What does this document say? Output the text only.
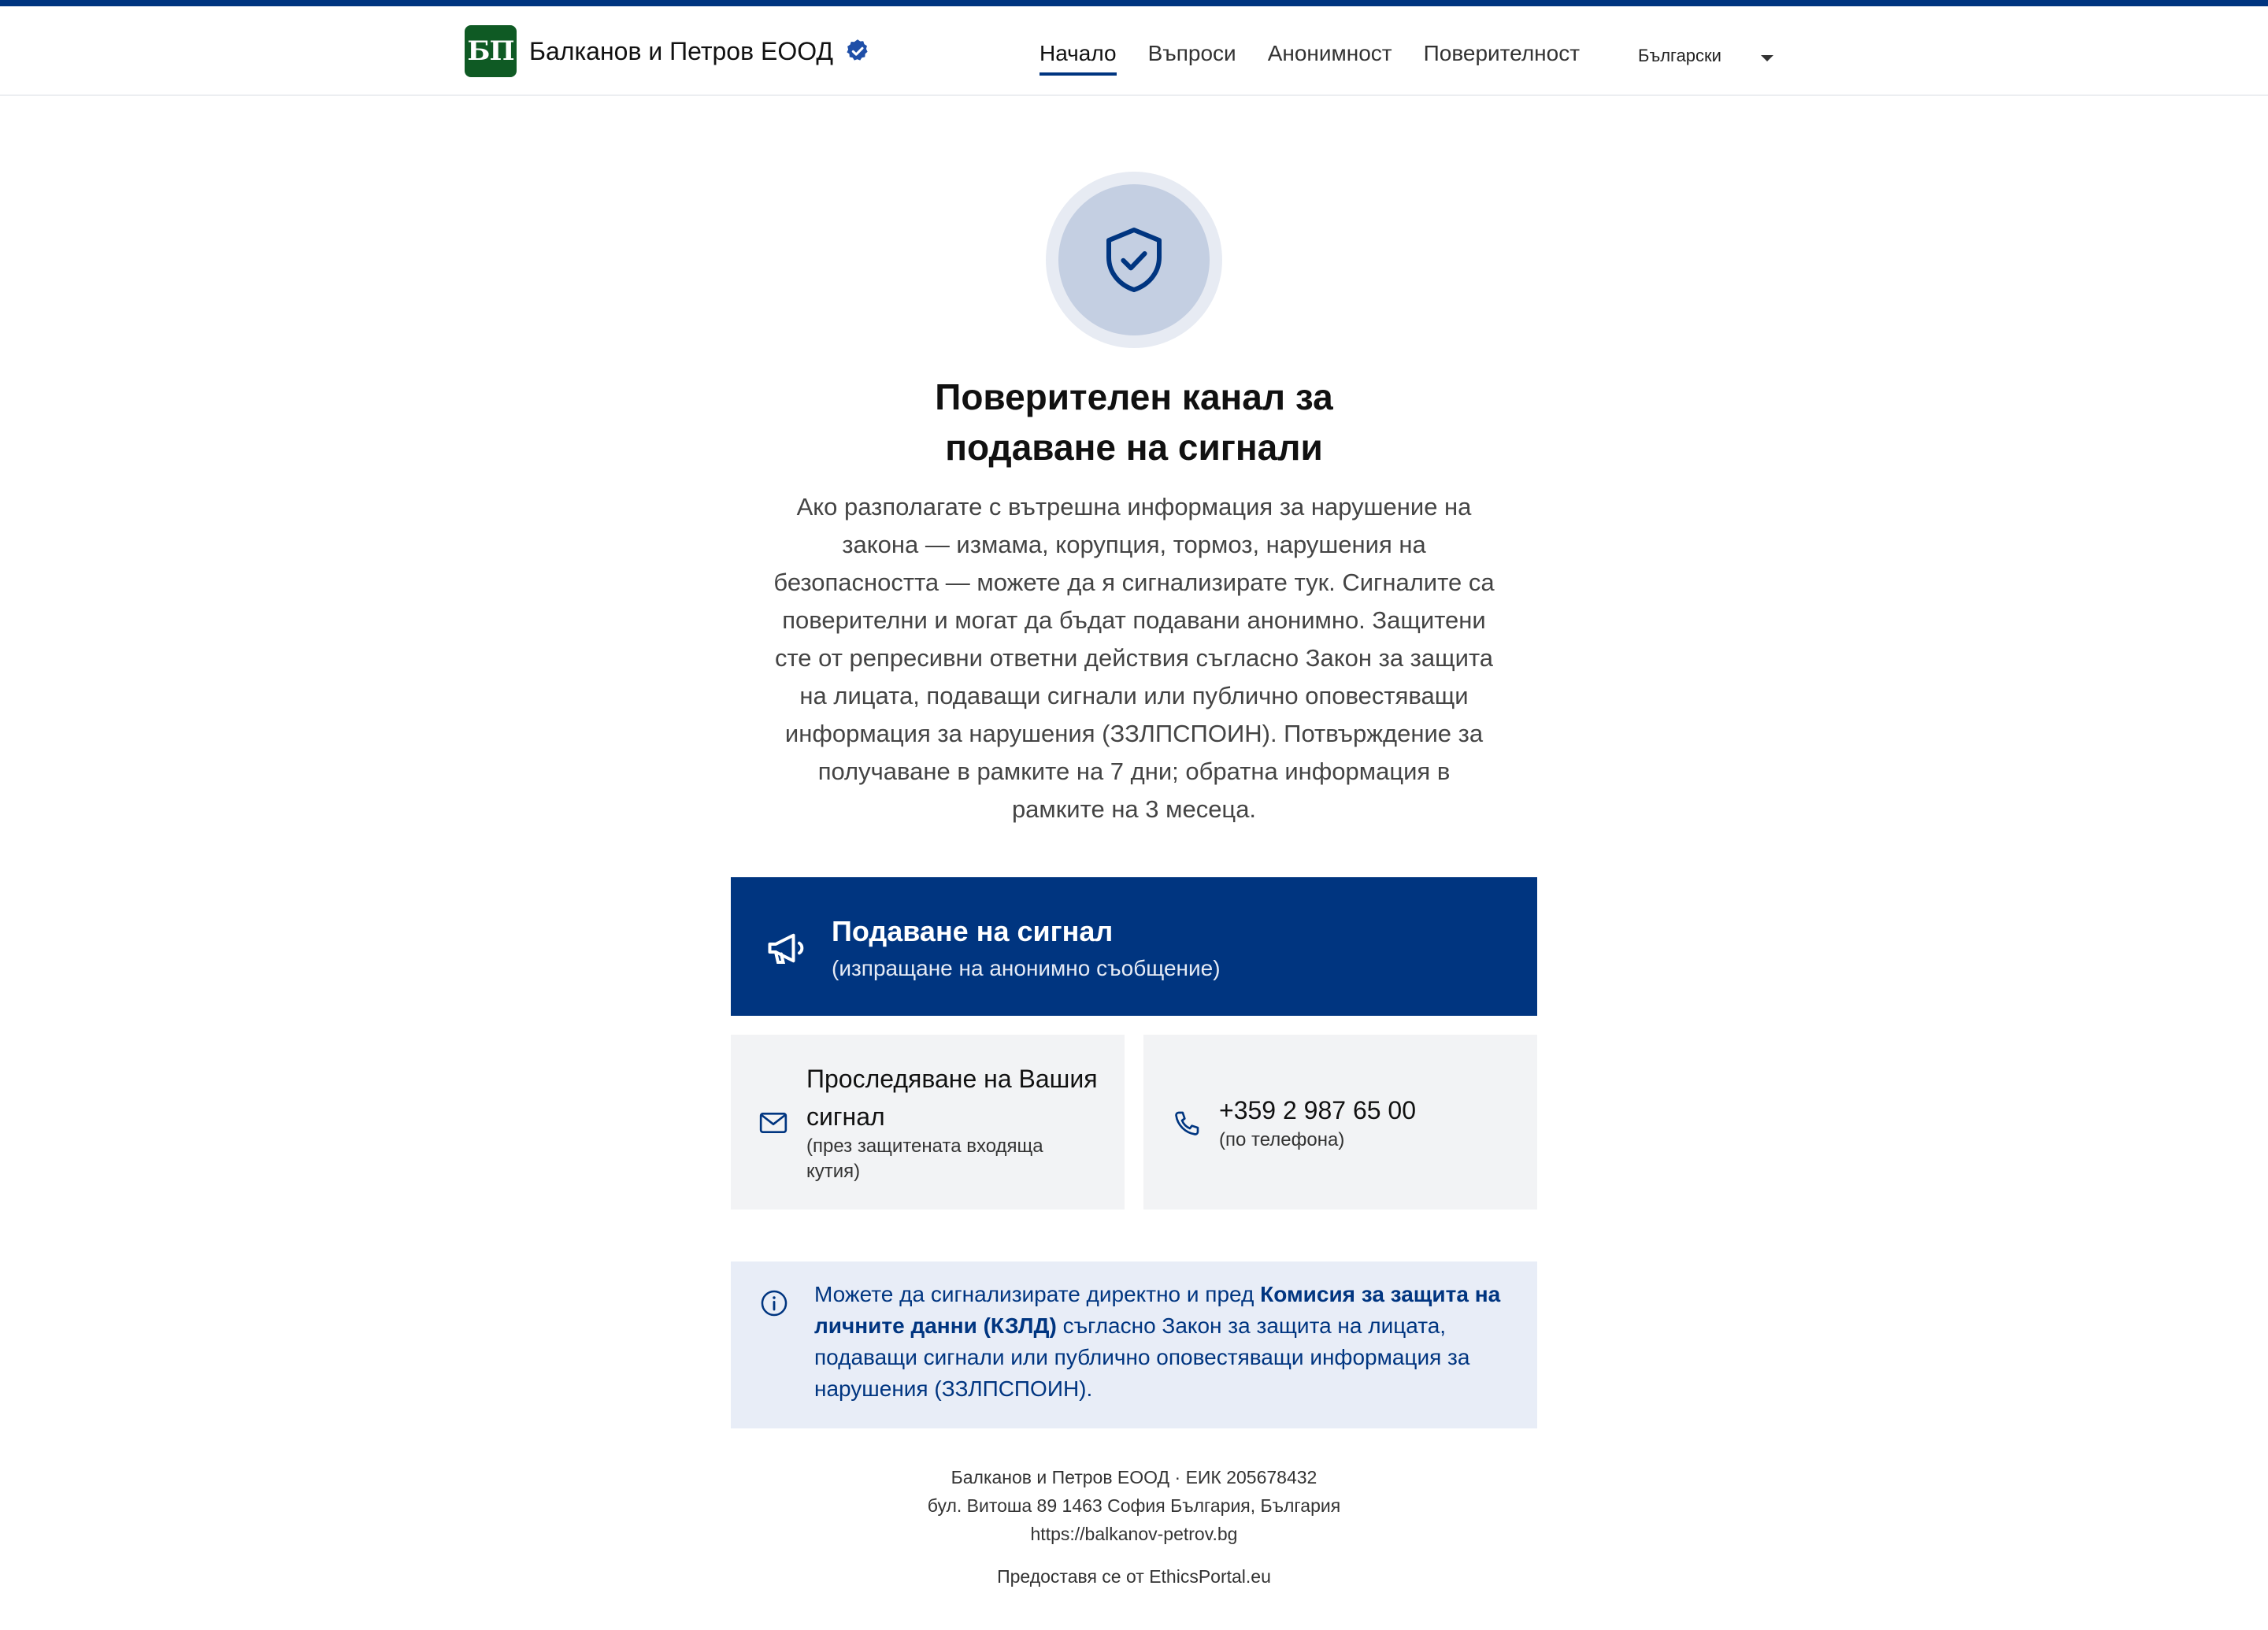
БП Балканов и Петров ЕООД	Начало Въпроси Анонимност Поверителност	Български
Поверителен канал за
подаване на сигнали

Ако разполагате с вътрешна информация за нарушение на закона — измама, корупция, тормоз, нарушения на безопасността — можете да я сигнализирате тук. Сигналите са поверителни и могат да бъдат подавани анонимно. Защитени сте от репресивни ответни действия съгласно Закон за защита на лицата, подаващи сигнали или публично оповестяващи информация за нарушения (ЗЗЛПСПОИН). Потвърждение за получаване в рамките на 7 дни; обратна информация в рамките на 3 месеца.

Подаване на сигнал
(изпращане на анонимно съобщение)
Проследяване на Вашия сигнал
(през защитената входяща кутия)
+359 2 987 65 00
(по телефона)

Можете да сигнализирате директно и пред Комисия за защита на личните данни (КЗЛД) съгласно Закон за защита на лицата, подаващи сигнали или публично оповестяващи информация за нарушения (ЗЗЛПСПОИН).

Балканов и Петров ЕООД · ЕИК 205678432
бул. Витоша 89 1463 София България, България
https://balkanov-petrov.bg
Предоставя се от EthicsPortal.eu
